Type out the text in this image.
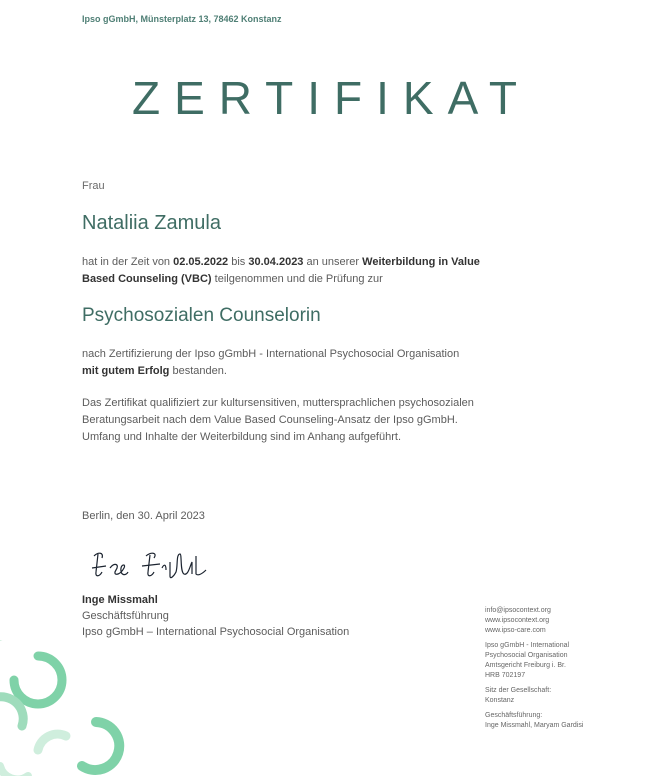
Ipso gGmbH, Münsterplatz 13, 78462 Konstanz
ZERTIFIKAT
Frau
Nataliia Zamula
hat in der Zeit von 02.05.2022 bis 30.04.2023 an unserer Weiterbildung in Value Based Counseling (VBC) teilgenommen und die Prüfung zur
Psychosozialen Counselorin
nach Zertifizierung der Ipso gGmbH - International Psychosocial Organisation
mit gutem Erfolg bestanden.
Das Zertifikat qualifiziert zur kultursensitiven, muttersprachlichen psychosozialen
Beratungsarbeit nach dem Value Based Counseling-Ansatz der Ipso gGmbH.
Umfang und Inhalte der Weiterbildung sind im Anhang aufgeführt.
Berlin, den 30. April 2023
Inge Missmahl
Geschäftsführung
Ipso gGmbH – International Psychosocial Organisation
info@ipsocontext.org
www.ipsocontext.org
www.ipso-care.com
Ipso gGmbH - International
Psychosocial Organisation
Amtsgericht Freiburg i. Br.
HRB 702197
Sitz der Gesellschaft:
Konstanz
Geschäftsführung:
Inge Missmahl, Maryam Gardisi
